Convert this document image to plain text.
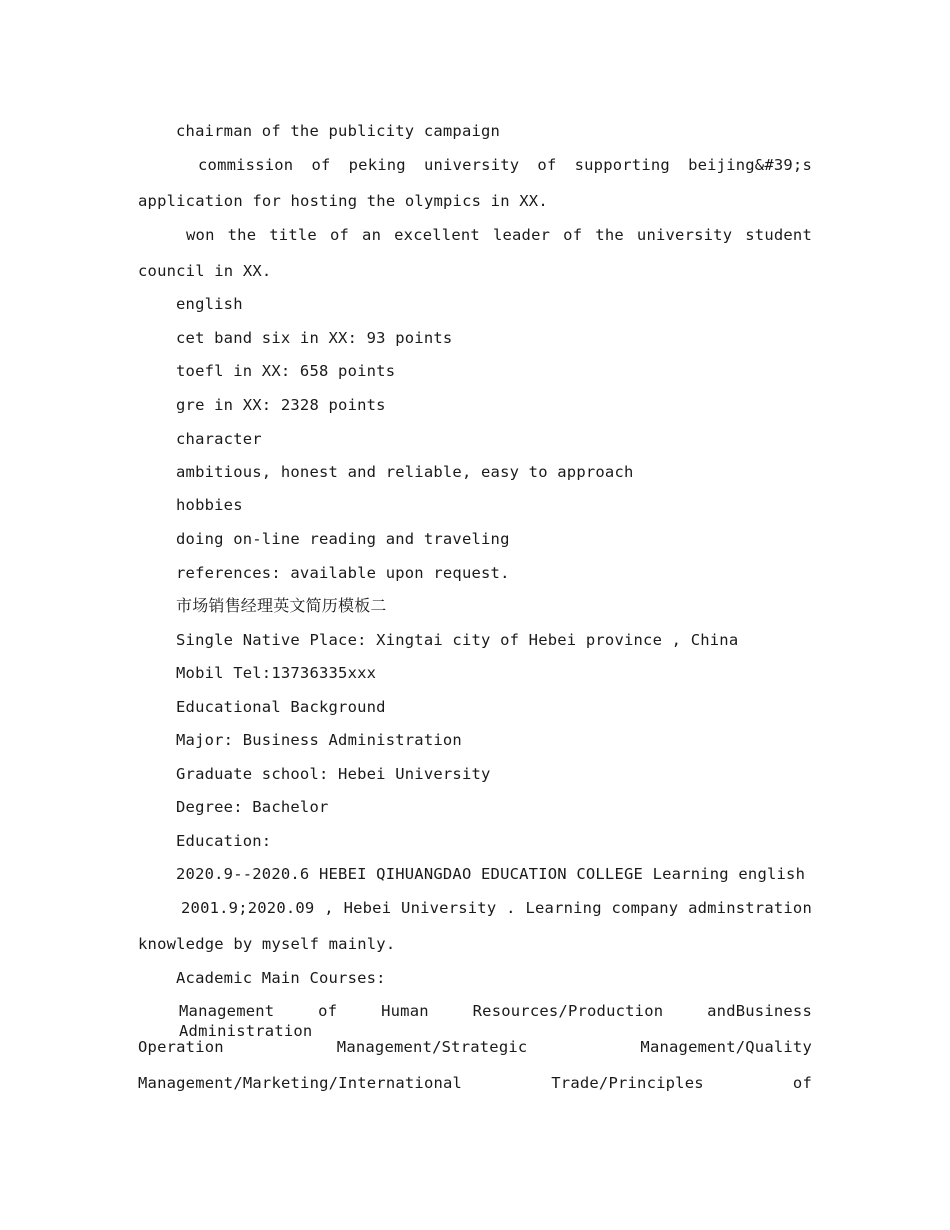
chairman of the publicity campaign
commission of peking university of supporting beijing&#39;s
application for hosting the olympics in XX.
won the title of an excellent leader of the university student
council in XX.
english
cet band six in XX: 93 points
toefl in XX: 658 points
gre in XX: 2328 points
character
ambitious, honest and reliable, easy to approach
hobbies
doing on-line reading and traveling
references: available upon request.
市场销售经理英文简历模板二
Single Native Place: Xingtai city of Hebei province , China
Mobil Tel:13736335xxx
Educational Background
Major: Business Administration
Graduate school: Hebei University
Degree: Bachelor
Education:
2020.9--2020.6 HEBEI QIHUANGDAO EDUCATION COLLEGE Learning english
2001.9;2020.09 , Hebei University . Learning company adminstration
knowledge by myself mainly.
Academic Main Courses:
Management of Human Resources/Production andBusiness Administration
Operation Management/Strategic Management/Quality
Management/Marketing/International Trade/Principles of
